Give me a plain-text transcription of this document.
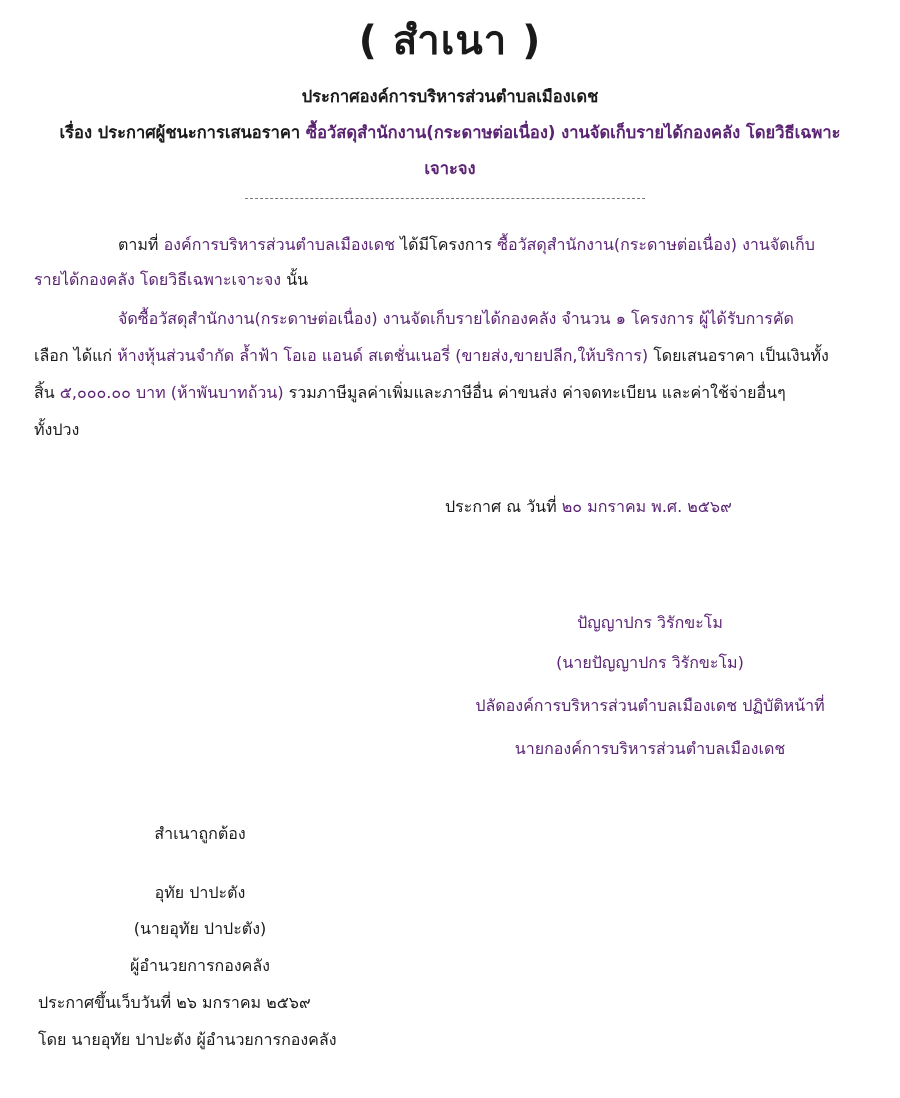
( สำเนา )
ประกาศองค์การบริหารส่วนตำบลเมืองเดช
เรื่อง ประกาศผู้ชนะการเสนอราคา ซื้อวัสดุสำนักงาน(กระดาษต่อเนื่อง) งานจัดเก็บรายได้กองคลัง โดยวิธีเฉพาะ
เจาะจง
ตามที่ องค์การบริหารส่วนตำบลเมืองเดช ได้มีโครงการ ซื้อวัสดุสำนักงาน(กระดาษต่อเนื่อง) งานจัดเก็บ
รายได้กองคลัง โดยวิธีเฉพาะเจาะจง นั้น
จัดซื้อวัสดุสำนักงาน(กระดาษต่อเนื่อง) งานจัดเก็บรายได้กองคลัง จำนวน ๑ โครงการ ผู้ได้รับการคัด
เลือก ได้แก่ ห้างหุ้นส่วนจำกัด ล้ำฟ้า โอเอ แอนด์ สเตชั่นเนอรี่ (ขายส่ง,ขายปลีก,ให้บริการ) โดยเสนอราคา เป็นเงินทั้ง
สิ้น ๕,๐๐๐.๐๐ บาท (ห้าพันบาทถ้วน) รวมภาษีมูลค่าเพิ่มและภาษีอื่น ค่าขนส่ง ค่าจดทะเบียน และค่าใช้จ่ายอื่นๆ
ทั้งปวง
ประกาศ ณ วันที่ ๒๐ มกราคม พ.ศ. ๒๕๖๙
ปัญญาปกร วิรักขะโม
(นายปัญญาปกร วิรักขะโม)
ปลัดองค์การบริหารส่วนตำบลเมืองเดช ปฏิบัติหน้าที่
นายกองค์การบริหารส่วนตำบลเมืองเดช
สำเนาถูกต้อง
อุทัย ปาปะตัง
(นายอุทัย ปาปะตัง)
ผู้อำนวยการกองคลัง
ประกาศขึ้นเว็บวันที่ ๒๖ มกราคม ๒๕๖๙
โดย นายอุทัย ปาปะตัง ผู้อำนวยการกองคลัง
